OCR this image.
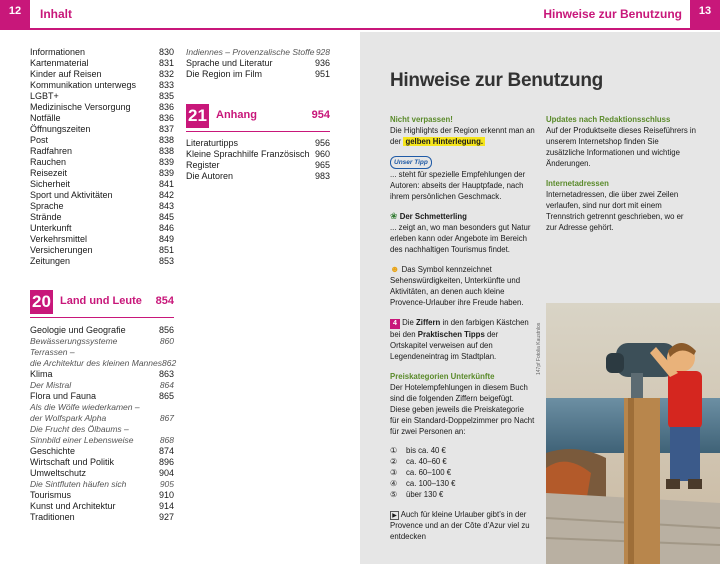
12	Inhalt
Informationen	830
Kartenmaterial	831
Kinder auf Reisen	832
Kommunikation unterwegs	833
LGBT+	835
Medizinische Versorgung	836
Notfälle	836
Öffnungszeiten	837
Post	838
Radfahren	838
Rauchen	839
Reisezeit	839
Sicherheit	841
Sport und Aktivitäten	842
Sprache	843
Strände	845
Unterkunft	846
Verkehrsmittel	849
Versicherungen	851
Zeitungen	853
20 Land und Leute 854
Geologie und Geografie	856
Bewässerungssysteme	860
Terrassen –
die Architektur des kleinen Mannes 862
Klima	863
Der Mistral	864
Flora und Fauna	865
Als die Wölfe wiederkamen –
der Wolfspark Alpha	867
Die Frucht des Ölbaums –
Sinnbild einer Lebensweise	868
Geschichte	874
Wirtschaft und Politik	896
Umweltschutz	904
Die Sintfluten häufen sich	905
Tourismus	910
Kunst und Architektur	914
Traditionen	927
Indiennes – Provenzalische Stoffe 928
Sprache und Literatur	936
Die Region im Film	951
21 Anhang	954
Literaturtipps	956
Kleine Sprachhilfe Französisch 960
Register	965
Die Autoren	983
Hinweise zur Benutzung	13
Hinweise zur Benutzung
Nicht verpassen!
Die Highlights der Region erkennt man an der gelben Hinterlegung.
Unser Tipp
... steht für spezielle Empfehlungen der Autoren: abseits der Hauptpfade, nach ihrem persönlichen Geschmack.
❀ Der Schmetterling
... zeigt an, wo man besonders gut Natur erleben kann oder Angebote im Bereich des nachhaltigen Tourismus findet.
☻ Das Symbol kennzeichnet Sehenswürdigkeiten, Unterkünfte und Aktivitäten, an denen auch kleine Provence-Urlauber ihre Freude haben.
4 Die Ziffern in den farbigen Kästchen bei den Praktischen Tipps der Ortskapitel verweisen auf den Legendeneintrag im Stadtplan.
Preiskategorien Unterkünfte
Der Hotelempfehlungen in diesem Buch sind die folgenden Ziffern beigefügt. Diese geben jeweils die Preiskategorie für ein Standard-Doppelzimmer pro Nacht für zwei Personen an:
①	bis ca. 40 €
②	ca. 40–60 €
③	ca. 60–100 €
④	ca. 100–130 €
⑤	über 130 €
▶ Auch für kleine Urlauber gibt’s in der Provence und an der Côte d’Azur viel zu entdecken
Updates nach Redaktionsschluss
Auf der Produktseite dieses Reiseführers in unserem Internetshop finden Sie zusätzliche Informationen und wichtige Änderungen.
Internetadressen
Internetadressen, die über zwei Zeilen verlaufen, sind nur dort mit einem Trennstrich getrennt geschrieben, wo er zur Adresse gehört.
147pf Fotolia Kaustnlos
